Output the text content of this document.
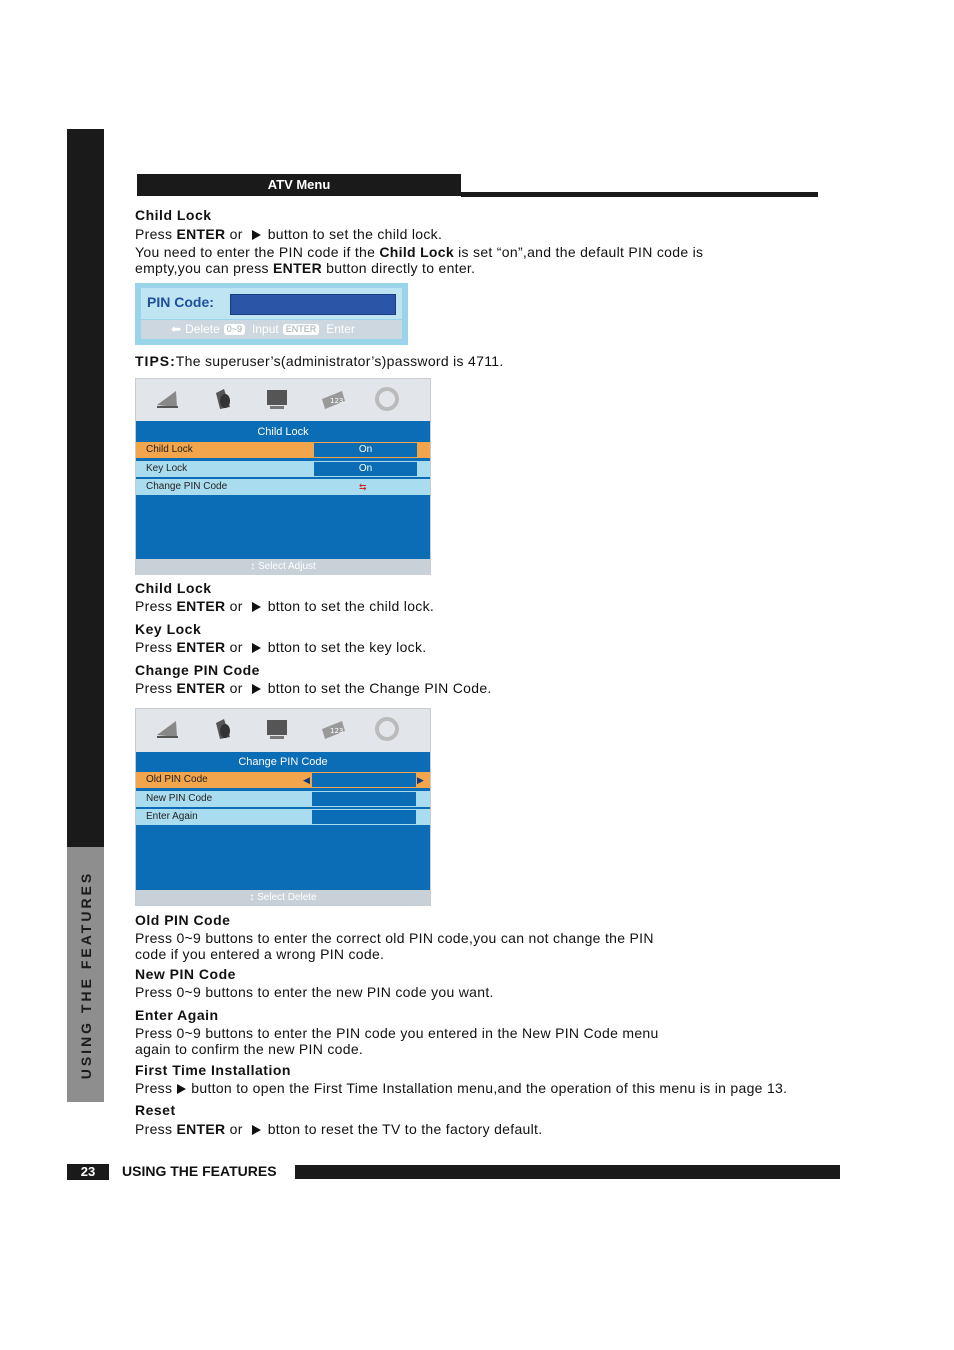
USING THE FEATURES
ATV Menu
Child Lock
Press ENTER or button to set the child lock.
You need to enter the PIN code if the Child Lock is set “on”,and the default PIN code is
empty,you can press ENTER button directly to enter.
PIN Code:
⬅ Delete 0~9 Input ENTER Enter
TIPS:The superuser’s(administrator’s)password is 4711.
123
Child Lock
Child Lock	On
Key Lock	On
Change PIN Code	⇆
↕ Select Adjust
Child Lock
Press ENTER or btton to set the child lock.
Key Lock
Press ENTER or btton to set the key lock.
Change PIN Code
Press ENTER or btton to set the Change PIN Code.
123
Change PIN Code
Old PIN Code	◀	▶
New PIN Code
Enter Again
↕ Select Delete
Old PIN Code
Press 0~9 buttons to enter the correct old PIN code,you can not change the PIN
code if you entered a wrong PIN code.
New PIN Code
Press 0~9 buttons to enter the new PIN code you want.
Enter Again
Press 0~9 buttons to enter the PIN code you entered in the New PIN Code menu
again to confirm the new PIN code.
First Time Installation
Press button to open the First Time Installation menu,and the operation of this menu is in page 13.
Reset
Press ENTER or btton to reset the TV to the factory default.
23	USING THE FEATURES
